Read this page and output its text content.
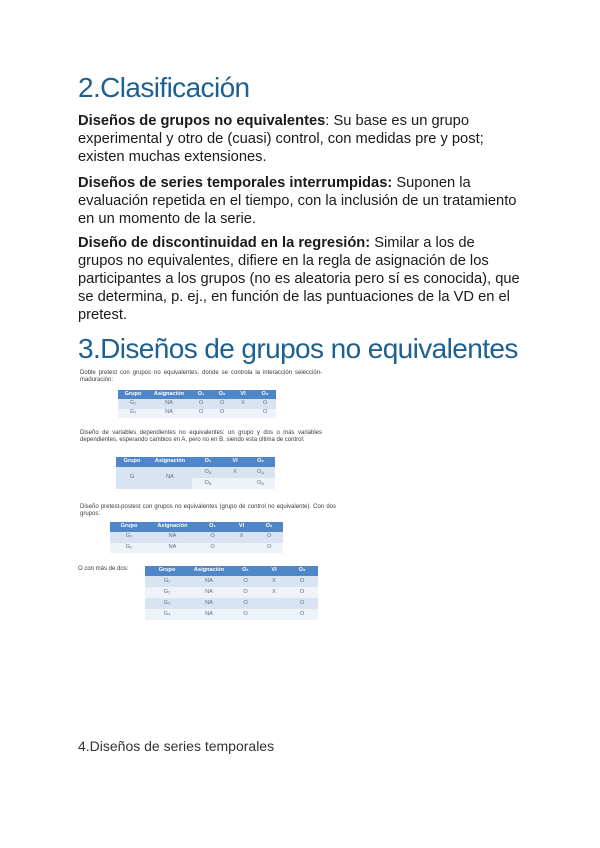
2.Clasificación
Diseños de grupos no equivalentes: Su base es un grupo
experimental y otro de (cuasi) control, con medidas pre y post;
existen muchas extensiones.
Diseños de series temporales interrumpidas: Suponen la
evaluación repetida en el tiempo, con la inclusión de un tratamiento
en un momento de la serie.
Diseño de discontinuidad en la regresión: Similar a los de
grupos no equivalentes, difiere en la regla de asignación de los
participantes a los grupos (no es aleatoria pero sí es conocida), que
se determina, p. ej., en función de las puntuaciones de la VD en el
pretest.
3.Diseños de grupos no equivalentes
Doble pretest con grupos no equivalentes, donde se controla la interacción selección-maduración:
Grupo	Asignación	O₁	O₂	VI	O₃
G₁	NA	O	O	X	O
G₂	NA	O	O		O
Diseño de variables dependientes no equivalentes: un grupo y dos o más variables dependientes, esperando cambios en A, pero no en B, siendo esta última de control:
Grupo	Asignación	O₁	VI	O₂
G	NA	$O_A$	X	$O_A$
		$O_B$		$O_B$
Diseño pretest-postest con grupos no equivalentes (grupo de control no equivalente). Con dos grupos:
Grupo	Asignación	O₁	VI	O₂
G₁	NA	O	X	O
G₂	NA	O		O
O con más de dos:	Grupo	Asignación	O₁	VI	O₂
G₁	NA	O	X	O
G₂	NA	O	X	O
G₃	NA	O		O
G₄	NA	O		O
4.Diseños de series temporales
